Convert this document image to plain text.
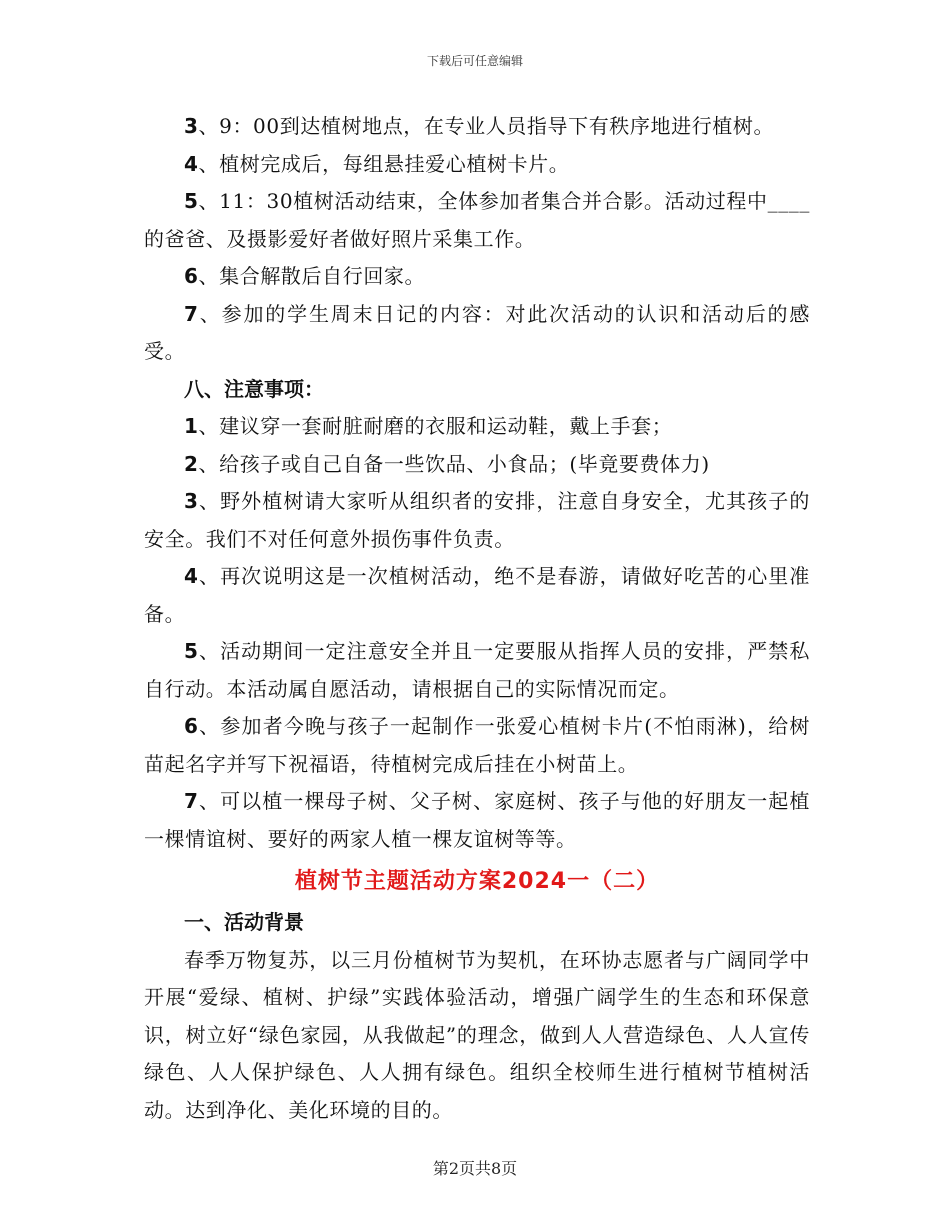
下载后可任意编辑

3、9：00到达植树地点，在专业人员指导下有秩序地进行植树。

4、植树完成后，每组悬挂爱心植树卡片。

5、11：30植树活动结束，全体参加者集合并合影。活动过程中____的爸爸、及摄影爱好者做好照片采集工作。

6、集合解散后自行回家。

7、参加的学生周末日记的内容：对此次活动的认识和活动后的感受。

八、注意事项：

1、建议穿一套耐脏耐磨的衣服和运动鞋，戴上手套；

2、给孩子或自己自备一些饮品、小食品；(毕竟要费体力)

3、野外植树请大家听从组织者的安排，注意自身安全，尤其孩子的安全。我们不对任何意外损伤事件负责。

4、再次说明这是一次植树活动，绝不是春游，请做好吃苦的心里准备。

5、活动期间一定注意安全并且一定要服从指挥人员的安排，严禁私自行动。本活动属自愿活动，请根据自己的实际情况而定。

6、参加者今晚与孩子一起制作一张爱心植树卡片(不怕雨淋)，给树苗起名字并写下祝福语，待植树完成后挂在小树苗上。

7、可以植一棵母子树、父子树、家庭树、孩子与他的好朋友一起植一棵情谊树、要好的两家人植一棵友谊树等等。

植树节主题活动方案2024一（二）

一、活动背景

春季万物复苏，以三月份植树节为契机，在环协志愿者与广阔同学中开展“爱绿、植树、护绿”实践体验活动，增强广阔学生的生态和环保意识，树立好“绿色家园，从我做起”的理念，做到人人营造绿色、人人宣传绿色、人人保护绿色、人人拥有绿色。组织全校师生进行植树节植树活动。达到净化、美化环境的目的。

第2页共8页
